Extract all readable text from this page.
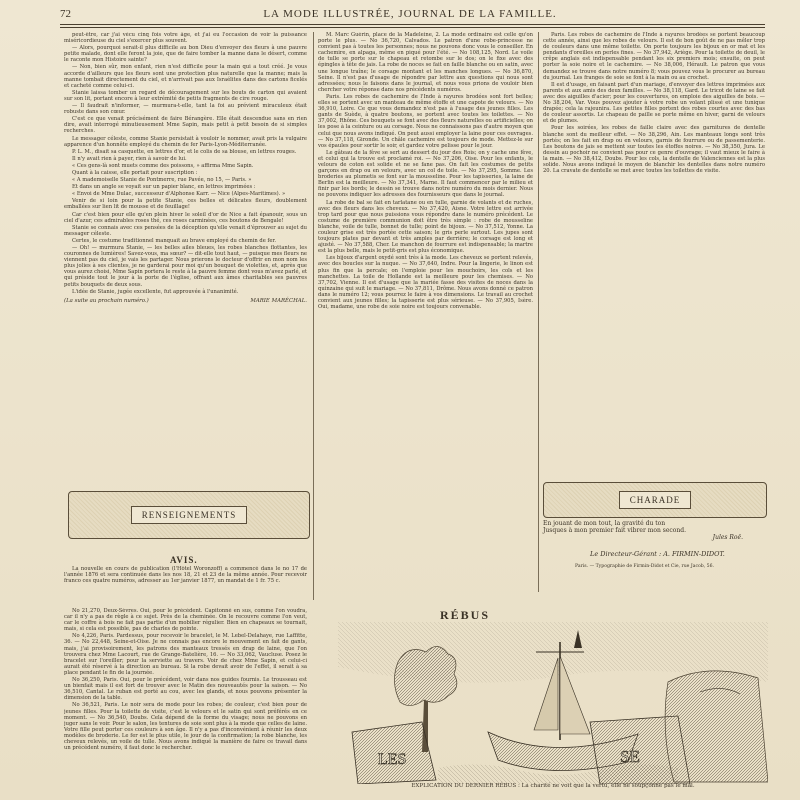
72	LA MODE ILLUSTRÉE, JOURNAL DE LA FAMILLE.

peut-être, car j'ai vécu cinq fois votre âge, et j'ai eu l'occasion de voir la puissance miséricordieuse du ciel s'exercer plus souvent.

— Alors, pourquoi serait-il plus difficile au bon Dieu d'envoyer des fleurs à une pauvre petite malade, dont elle feront la joie, que de faire tomber la manne dans le désert, comme le raconte mon Histoire sainte?

— Non, bien sûr, mon enfant, rien n'est difficile pour la main qui a tout créé. Je vous accorde d'ailleurs que les fleurs sont une protection plus naturelle que la manne; mais la manne tombait directement du ciel, et n'arrivait pas aux Israélites dans des cartons ficelés et cacheté comme celui-ci.

Stanie laissa tomber un regard de découragement sur les bouts de carton qui avaient sur son lit, portant encore à leur extrémité de petits fragments de cire rouge.

— Il faudrait n'informer, — murmura-t-elle, tant la foi au prévient miraculeux était robuste dans son cœur.

C'est ce que venait précisément de faire Bérangère. Elle était descendue sans en rien dire, avait interrogé minutieusement Mme Sapin, mais petit à petit besoin de si simples recherches.

Le messager céleste, comme Stanie persistait à vouloir le nommer, avait pris la vulgaire apparence d'un honnête employé du chemin de fer Paris-Lyon-Méditerranée.

P. L. M., disait sa casquette, en lettres d'or, et le colis de sa blouse, en lettres rouges.

Il n'y avait rien à payer, rien à savoir de lui.

« Ces gens-là sont muets comme des poissons, » affirma Mme Sapin.

Quant à la caisse, elle portait pour suscription :

« A mademoiselle Stanie de Pontmerre, rue Pavée, no 15, — Paris. »

Et dans un angle se voyait sur un papier blanc, en lettres imprimées :

« Envoi de Mme Dulac, successeur d'Alphonse Karr. — Nice (Alpes-Maritimes). »

Venir de si loin pour la petite Stanie, ces belles et délicates fleurs, doublement emballées sur lien lit de mousse et de feuillage!

Car c'est bien pour elle qu'en plein hiver le soleil d'or de Nice a fait épanouir, sous un ciel d'azur, ces admirables roses thé, ces roses carminées, ces boutons de Bengale!

Stanie se connais avec ces pensées de la déception qu'elle venait d'éprouver au sujet du messager céleste.

Certes, le costume traditionnel manquait au brave employé du chemin de fer.

— Oh! — murmura Stanie, — les belles ailes bleues, les robes blanches flottantes, les couronnes de lumières! Savez-vous, ma sœur? — dit-elle tout haut, — puisque mes fleurs ne viennent pas du ciel, je vais les partager. Nous prierons le docteur d'offrir en mon nom les plus jolies à ses clientes, je ne garderai pour moi qu'un bouquet de violettes, et, après que vous aurez choisi, Mme Sapin portera le reste à la pauvre femme dont vous m'avez parlé, et qui préside tout le jour à la porte de l'église, offrant aux âmes charitables ses pauvres petits bouquets de deux sous.

L'idée de Stanie, jugée excellente, fut approuvée à l'unanimité.

(La suite au prochain numéro.)	MARIE MARÉCHAL.
RENSEIGNEMENTS
AVIS.

La nouvelle en cours de publication (l'Hôtel Woronzoff) a commencé dans le no 17 de l'année 1876 et sera continuée dans les nos 18, 21 et 23 de la même année. Pour recevoir franco ces quatre numéros, adresser au 1er janvier 1877, un mandat de 1 fr. 75 c.

No 21,270, Deux-Sèvres. Oui, pour le précédent. Capitonné en sus, comme l'on voudra, car il n'y a pas de règle à ce sujet. Près de la cheminée. On le recouvre comme l'on veut, car le coffre à bois ne fait pas partie d'un mobilier régulier. Bien en chapeaux se tournait, mais, si cela est possible, pas de charles de pointe.

No 4,226, Paris. Pardessus, pour recevoir le bracelet, le M. Lebel-Delahaye, rue Laffitte, 36. — No 22,448, Seine-et-Oise. Je ne connais pas encore le mouvement en fait de gants, mais, j'ai provisoirement, les patrons des manteaux tressés en drap de laine, que l'on trouvera chez Mme Lacourt, rue de Grange-Batelière, 16. — No 33,062, Vaucluse. Posez le bracelet sur l'oreiller; pour la serviette au travers. Voir de chez Mme Sapin, et celui-ci aurait été réservé à la direction au bureau. Si la robe devait avoir de l'effet, il serait à sa place pendant le fin de la journée.

No 36,250, Paris. Oui, pour le précédent, voir dans nos guides fournis. Le trousseau est un bienfait mais il est fort de trouver avec le Matin des nouveautés pour la saison. — No 36,510, Cantal. Le ruban est porté au cou, avec les glands, et nous pouvons présenter la dimension de la table.

No 36,521, Paris. Le noir sera de mode pour les robes; de couleur, c'est bien pour de jeunes filles. Pour la toilette de visite, c'est le velours et le satin qui sont préférés en ce moment. — No 36,540, Doubs. Cela dépend de la forme du visage; nous ne pouvons en juger sans le voir. Pour le salon, les tentures de soie sont plus à la mode que celles de laine. Votre fille peut porter ces couleurs à son âge. Il n'y a pas d'inconvénient à réunir les deux modèles de broderie. Le fer est le plus utile, le jour de la confirmation; la robe blanche, les cheveux relevés, un voile de tulle. Nous avons indiqué la manière de faire ce travail dans un précédent numéro, il faut donc le rechercher.

M. Marc Guérin, place de la Madeleine, 2. La mode ordinaire est celle qu'on porte le plus. — No 36,720, Calvados. Le patron d'une robe-princesse ne convient pas à toutes les personnes; nous ne pouvons donc vous le conseiller. En cachemire, en alpaga, même en piqué pour l'été. — No 108,125, Nord. Le voile de tulle se porte sur le chapeau et retombe sur le dos; on le fixe avec des épingles à tête de jais. La robe de noces se fait en faille blanche ou en satin, avec une longue traîne; le corsage montant et les manches longues. — No 36,870, Seine. Il n'est pas d'usage de répondre par lettre aux questions qui nous sont adressées; nous le faisons dans le journal, et nous vous prions de vouloir bien chercher votre réponse dans nos précédents numéros.

Paris. Les robes de cachemire de l'Inde à rayures brodées sont fort belles; elles se portent avec un manteau de même étoffe et une capote de velours. — No 36,910, Loire. Ce que vous demandez n'est pas à l'usage des jeunes filles. Les gants de Suède, à quatre boutons, se portent avec toutes les toilettes. — No 37,002, Rhône. Ces bouquets se font avec des fleurs naturelles ou artificielles; on les pose à la ceinture ou au corsage. Nous ne connaissons pas d'autre moyen que celui que nous avons indiqué. On peut aussi employer la laine pour ces ouvrages. — No 37,118, Gironde. Un châle cachemire est toujours de mode. Mettez-le sur vos épaules pour sortir le soir, et gardez votre pelisse pour le jour.

Le gâteau de la fève se sert au dessert du jour des Rois; on y cache une fève, et celui qui la trouve est proclamé roi. — No 37,206, Oise. Pour les enfants, le velours de coton est solide et ne se fane pas. On fait les costumes de petits garçons en drap ou en velours, avec un col de toile. — No 37,295, Somme. Les broderies au plumetis se font sur la mousseline. Pour les tapisseries, la laine de Berlin est la meilleure. — No 37,341, Marne. Il faut commencer par le milieu et finir par les bords; le dessin se trouve dans notre numéro du mois dernier. Nous ne pouvons indiquer les adresses des fournisseurs que dans le journal.

La robe de bal se fait en tarlatane ou en tulle, garnie de volants et de ruches, avec des fleurs dans les cheveux. — No 37,420, Aisne. Votre lettre est arrivée trop tard pour que nous puissions vous répondre dans le numéro précédent. Le costume de première communion doit être très simple : robe de mousseline blanche, voile de tulle, bonnet de tulle; point de bijoux. — No 37,512, Yonne. La couleur grise est très portée cette saison; le gris perle surtout. Les jupes sont toujours plates par devant et très amples par derrière; le corsage est long et ajusté. — No 37,588, Cher. Le manchon de fourrure est indispensable; la martre est la plus belle, mais le petit-gris est plus économique.

Les bijoux d'argent oxydé sont très à la mode. Les cheveux se portent relevés, avec des boucles sur la nuque. — No 37,640, Indre. Pour la lingerie, le linon est plus fin que la percale; on l'emploie pour les mouchoirs, les cols et les manchettes. La toile de Hollande est la meilleure pour les chemises. — No 37,702, Vienne. Il est d'usage que la mariée fasse des visites de noces dans la quinzaine qui suit le mariage. — No 37,811, Drôme. Nous avons donné ce patron dans le numéro 12; vous pourrez le faire à vos dimensions. Le travail au crochet convient aux jeunes filles; la tapisserie est plus sérieuse. — No 37,905, Isère. Oui, madame, une robe de soie noire est toujours convenable.

Paris. Les robes de cachemire de l'Inde à rayures brodées se portent beaucoup cette année, ainsi que les robes de velours. Il est de bon goût de ne pas mêler trop de couleurs dans une même toilette. On porte toujours les bijoux en or mat et les pendants d'oreilles en perles fines. — No 37,942, Ariège. Pour la toilette de deuil, le crêpe anglais est indispensable pendant les six premiers mois; ensuite, on peut porter la soie noire et le cachemire. — No 38,006, Hérault. Le patron que vous demandez se trouve dans notre numéro 8; vous pouvez vous le procurer au bureau du journal. Les franges de soie se font à la main ou au crochet.

Il est d'usage, en faisant part d'un mariage, d'envoyer des lettres imprimées aux parents et aux amis des deux familles. — No 38,118, Gard. Le tricot de laine se fait avec des aiguilles d'acier; pour les couvertures, on emploie des aiguilles de bois. — No 38,204, Var. Vous pouvez ajouter à votre robe un volant plissé et une tunique drapée; cela la rajeunira. Les petites filles portent des robes courtes avec des bas de couleur assortis. Le chapeau de paille se porte même en hiver, garni de velours et de plumes.

Pour les soirées, les robes de faille claire avec des garnitures de dentelle blanche sont du meilleur effet. — No 38,296, Ain. Les manteaux longs sont très portés; on les fait en drap ou en velours, garnis de fourrure ou de passementerie. Les boutons de jais se mettent sur toutes les étoffes noires. — No 38,350, Jura. Le dessin au pochoir ne convient pas pour ce genre d'ouvrage; il vaut mieux le faire à la main. — No 38,412, Doubs. Pour les cols, la dentelle de Valenciennes est la plus solide. Nous avons indiqué le moyen de blanchir les dentelles dans notre numéro 20. La cravate de dentelle se met avec toutes les toilettes de visite.

CHARADE
En jouant de mon tout, la gravité du ton
Jusques à mon premier fait vibrer mon second.
Jules Roë.
Le Directeur-Gérant : A. FIRMIN-DIDOT.
Paris. — Typographie de Firmin-Didot et Cie, rue Jacob, 56.
RÉBUS
LES	SE
EXPLICATION DU DERNIER RÉBUS : La charité ne voit que la vertu, elle ne soupçonne pas le mal.
